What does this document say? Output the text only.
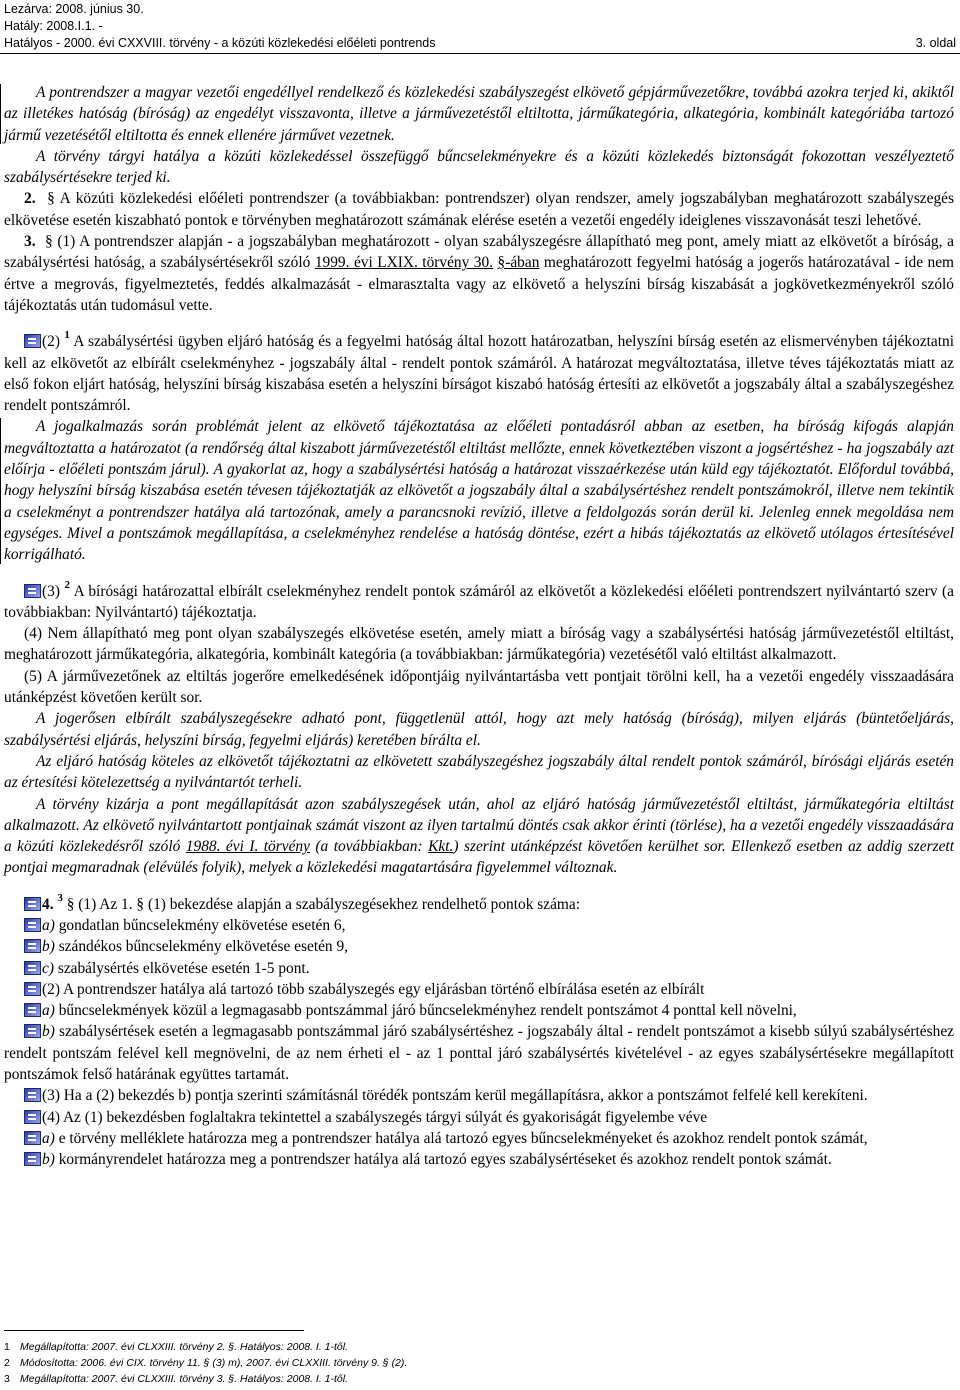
Lezárva: 2008. június 30.
Hatály: 2008.I.1. -
Hatályos - 2000. évi CXXVIII. törvény - a közúti közlekedési előéleti pontrends	3. oldal

A pontrendszer a magyar vezetői engedéllyel rendelkező és közlekedési szabályszegést elkövető gépjárművezetőkre, továbbá azokra terjed ki, akiktől az illetékes hatóság (bíróság) az engedélyt visszavonta, illetve a járművezetéstől eltiltotta, járműkategória, alkategória, kombinált kategóriába tartozó jármű vezetésétől eltiltotta és ennek ellenére járművet vezetnek.

A törvény tárgyi hatálya a közúti közlekedéssel összefüggő bűncselekményekre és a közúti közlekedés biztonságát fokozottan veszélyeztető szabálysértésekre terjed ki.

2.  § A közúti közlekedési előéleti pontrendszer (a továbbiakban: pontrendszer) olyan rendszer, amely jogszabályban meghatározott szabályszegés elkövetése esetén kiszabható pontok e törvényben meghatározott számának elérése esetén a vezetői engedély ideiglenes visszavonását teszi lehetővé.

3.  § (1) A pontrendszer alapján - a jogszabályban meghatározott - olyan szabályszegésre állapítható meg pont, amely miatt az elkövetőt a bíróság, a szabálysértési hatóság, a szabálysértésekről szóló 1999. évi LXIX. törvény 30. §-ában meghatározott fegyelmi hatóság a jogerős határozatával - ide nem értve a megrovás, figyelmeztetés, feddés alkalmazását - elmarasztalta vagy az elkövető a helyszíni bírság kiszabását a jogkövetkezményekről szóló tájékoztatás után tudomásul vette.

(2) $^1$ A szabálysértési ügyben eljáró hatóság és a fegyelmi hatóság által hozott határozatban, helyszíni bírság esetén az elismervényben tájékoztatni kell az elkövetőt az elbírált cselekményhez - jogszabály által - rendelt pontok számáról. A határozat megváltoztatása, illetve téves tájékoztatás miatt az első fokon eljárt hatóság, helyszíni bírság kiszabása esetén a helyszíni bírságot kiszabó hatóság értesíti az elkövetőt a jogszabály által a szabályszegéshez rendelt pontszámról.

A jogalkalmazás során problémát jelent az elkövető tájékoztatása az előéleti pontadásról abban az esetben, ha bíróság kifogás alapján megváltoztatta a határozatot (a rendőrség által kiszabott járművezetéstől eltiltást mellőzte, ennek következtében viszont a jogsértéshez - ha jogszabály azt előírja - előéleti pontszám járul). A gyakorlat az, hogy a szabálysértési hatóság a határozat visszaérkezése után küld egy tájékoztatót. Előfordul továbbá, hogy helyszíni bírság kiszabása esetén tévesen tájékoztatják az elkövetőt a jogszabály által a szabálysértéshez rendelt pontszámokról, illetve nem tekintik a cselekményt a pontrendszer hatálya alá tartozónak, amely a parancsnoki revízió, illetve a feldolgozás során derül ki. Jelenleg ennek megoldása nem egységes. Mivel a pontszámok megállapítása, a cselekményhez rendelése a hatóság döntése, ezért a hibás tájékoztatás az elkövető utólagos értesítésével korrigálható.

(3) $^2$ A bírósági határozattal elbírált cselekményhez rendelt pontok számáról az elkövetőt a közlekedési előéleti pontrendszert nyilvántartó szerv (a továbbiakban: Nyilvántartó) tájékoztatja.

(4) Nem állapítható meg pont olyan szabályszegés elkövetése esetén, amely miatt a bíróság vagy a szabálysértési hatóság járművezetéstől eltiltást, meghatározott járműkategória, alkategória, kombinált kategória (a továbbiakban: járműkategória) vezetésétől való eltiltást alkalmazott.

(5) A járművezetőnek az eltiltás jogerőre emelkedésének időpontjáig nyilvántartásba vett pontjait törölni kell, ha a vezetői engedély visszaadására utánképzést követően került sor.

A jogerősen elbírált szabályszegésekre adható pont, függetlenül attól, hogy azt mely hatóság (bíróság), milyen eljárás (büntetőeljárás, szabálysértési eljárás, helyszíni bírság, fegyelmi eljárás) keretében bírálta el.

Az eljáró hatóság köteles az elkövetőt tájékoztatni az elkövetett szabályszegéshez jogszabály által rendelt pontok számáról, bírósági eljárás esetén az értesítési kötelezettség a nyilvántartót terheli.

A törvény kizárja a pont megállapítását azon szabályszegések után, ahol az eljáró hatóság járművezetéstől eltiltást, járműkategória eltiltást alkalmazott. Az elkövető nyilvántartott pontjainak számát viszont az ilyen tartalmú döntés csak akkor érinti (törlése), ha a vezetői engedély visszaadására a közúti közlekedésről szóló 1988. évi I. törvény (a továbbiakban: Kkt.) szerint utánképzést követően kerülhet sor. Ellenkező esetben az addig szerzett pontjai megmaradnak (elévülés folyik), melyek a közlekedési magatartására figyelemmel változnak.

4. $^3$ § (1) Az 1. § (1) bekezdése alapján a szabályszegésekhez rendelhető pontok száma:

a) gondatlan bűncselekmény elkövetése esetén 6,

b) szándékos bűncselekmény elkövetése esetén 9,

c) szabálysértés elkövetése esetén 1-5 pont.

(2) A pontrendszer hatálya alá tartozó több szabályszegés egy eljárásban történő elbírálása esetén az elbírált

a) bűncselekmények közül a legmagasabb pontszámmal járó bűncselekményhez rendelt pontszámot 4 ponttal kell növelni,

b) szabálysértések esetén a legmagasabb pontszámmal járó szabálysértéshez - jogszabály által - rendelt pontszámot a kisebb súlyú szabálysértéshez rendelt pontszám felével kell megnövelni, de az nem érheti el - az 1 ponttal járó szabálysértés kivételével - az egyes szabálysértésekre megállapított pontszámok felső határának együttes tartamát.

(3) Ha a (2) bekezdés b) pontja szerinti számításnál törédék pontszám kerül megállapításra, akkor a pontszámot felfelé kell kerekíteni.

(4) Az (1) bekezdésben foglaltakra tekintettel a szabályszegés tárgyi súlyát és gyakoriságát figyelembe véve

a) e törvény melléklete határozza meg a pontrendszer hatálya alá tartozó egyes bűncselekményeket és azokhoz rendelt pontok számát,

b) kormányrendelet határozza meg a pontrendszer hatálya alá tartozó egyes szabálysértéseket és azokhoz rendelt pontok számát.

1 Megállapította: 2007. évi CLXXIII. törvény 2. §. Hatályos: 2008. I. 1-től.
2 Módosította: 2006. évi CIX. törvény 11. § (3) m), 2007. évi CLXXIII. törvény 9. § (2).
3 Megállapította: 2007. évi CLXXIII. törvény 3. §. Hatályos: 2008. I. 1-től.
